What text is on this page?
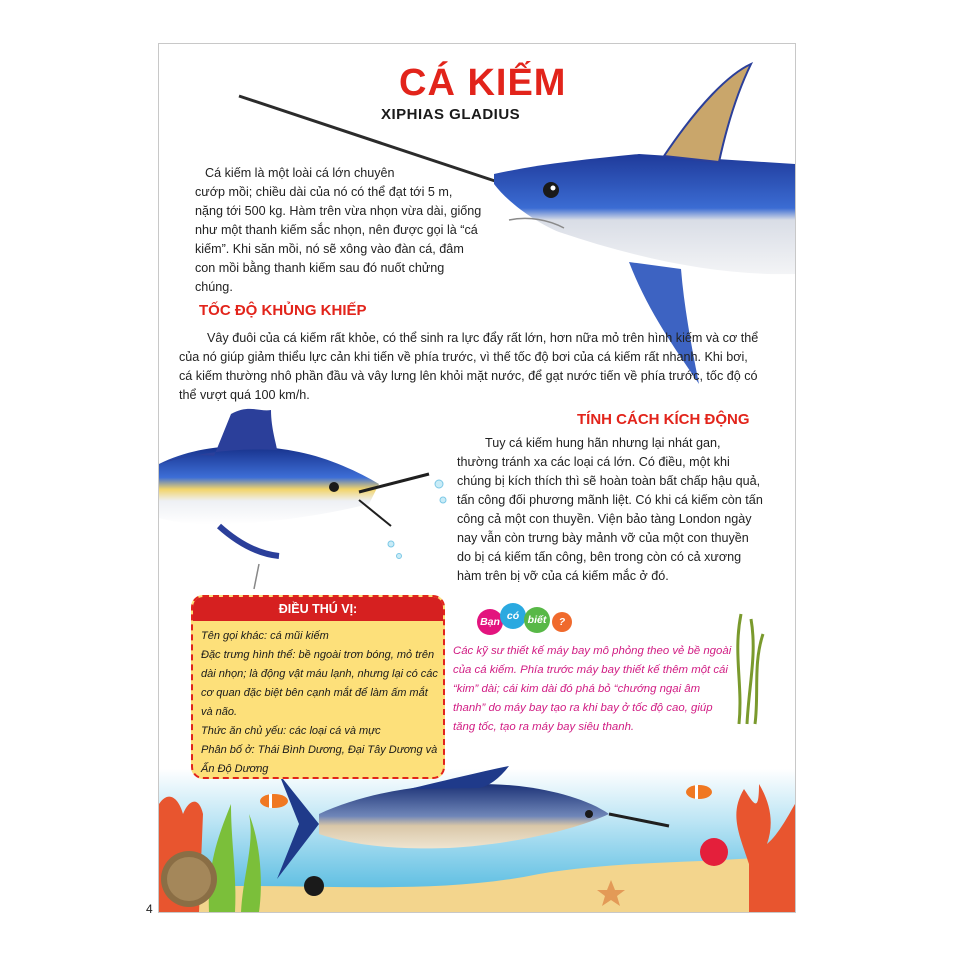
CÁ KIẾM
XIPHIAS GLADIUS
Cá kiếm là một loài cá lớn chuyên
cướp mồi; chiều dài của nó có thể đạt tới 5 m, nặng tới 500 kg. Hàm trên vừa nhọn vừa dài, giống như một thanh kiếm sắc nhọn, nên được gọi là “cá kiếm”. Khi săn mồi, nó sẽ xông vào đàn cá, đâm con mồi bằng thanh kiếm sau đó nuốt chửng chúng.
TỐC ĐỘ KHỦNG KHIẾP
Vây đuôi của cá kiếm rất khỏe, có thể sinh ra lực đẩy rất lớn, hơn nữa mỏ trên hình kiếm và cơ thể của nó giúp giảm thiểu lực cản khi tiến về phía trước, vì thế tốc độ bơi của cá kiếm rất nhanh. Khi bơi, cá kiếm thường nhô phần đầu và vây lưng lên khỏi mặt nước, để gạt nước tiến về phía trước, tốc độ có thể vượt quá 100 km/h.
TÍNH CÁCH KÍCH ĐỘNG
Tuy cá kiếm hung hãn nhưng lại nhát gan, thường tránh xa các loại cá lớn. Có điều, một khi chúng bị kích thích thì sẽ hoàn toàn bất chấp hậu quả, tấn công đối phương mãnh liệt. Có khi cá kiếm còn tấn công cả một con thuyền. Viện bảo tàng London ngày nay vẫn còn trưng bày mảnh vỡ của một con thuyền do bị cá kiếm tấn công, bên trong còn có cả xương hàm trên bị vỡ của cá kiếm mắc ở đó.
Bạn có biết	?
Các kỹ sư thiết kế máy bay mô phỏng theo vẻ bề ngoài của cá kiếm. Phía trước máy bay thiết kế thêm một cái “kim” dài; cái kim dài đó phá bỏ “chướng ngại âm thanh” do máy bay tạo ra khi bay ở tốc độ cao, giúp tăng tốc, tạo ra máy bay siêu thanh.
ĐIỀU THÚ VỊ:
Tên gọi khác: cá mũi kiếm
Đặc trưng hình thể: bề ngoài trơn bóng, mỏ trên dài nhọn; là động vật máu lạnh, nhưng lại có các cơ quan đặc biệt bên cạnh mắt để làm ấm mắt và não.
Thức ăn chủ yếu: các loại cá và mực
Phân bố ở: Thái Bình Dương, Đại Tây Dương và Ấn Độ Dương
4
